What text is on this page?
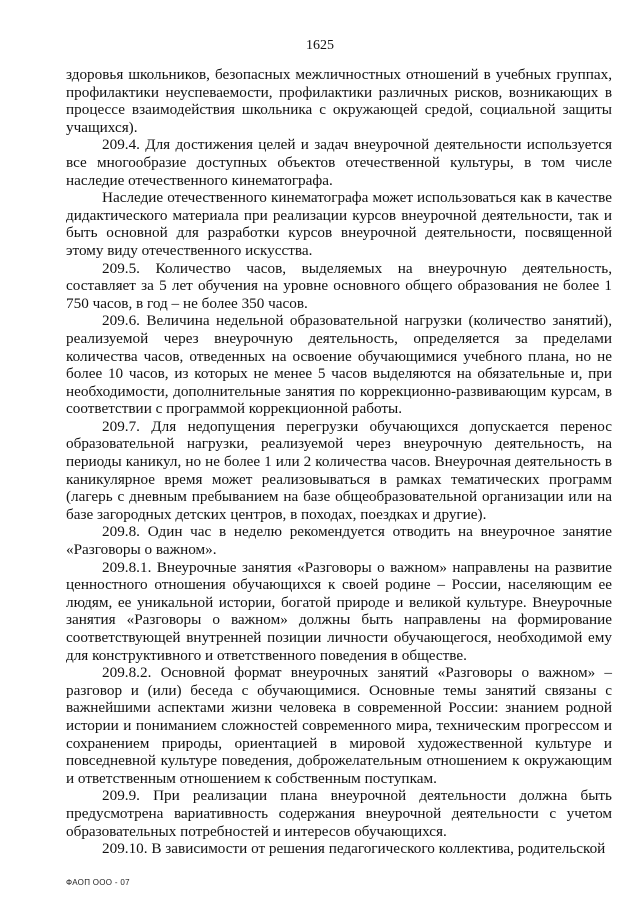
1625

здоровья школьников, безопасных межличностных отношений в учебных группах, профилактики неуспеваемости, профилактики различных рисков, возникающих в процессе взаимодействия школьника с окружающей средой, социальной защиты учащихся).

209.4. Для достижения целей и задач внеурочной деятельности используется все многообразие доступных объектов отечественной культуры, в том числе наследие отечественного кинематографа.

Наследие отечественного кинематографа может использоваться как в качестве дидактического материала при реализации курсов внеурочной деятельности, так и быть основной для разработки курсов внеурочной деятельности, посвященной этому виду отечественного искусства.

209.5. Количество часов, выделяемых на внеурочную деятельность, составляет за 5 лет обучения на уровне основного общего образования не более 1 750 часов, в год – не более 350 часов.

209.6. Величина недельной образовательной нагрузки (количество занятий), реализуемой через внеурочную деятельность, определяется за пределами количества часов, отведенных на освоение обучающимися учебного плана, но не более 10 часов, из которых не менее 5 часов выделяются на обязательные и, при необходимости, дополнительные занятия по коррекционно-развивающим курсам, в соответствии с программой коррекционной работы.

209.7. Для недопущения перегрузки обучающихся допускается перенос образовательной нагрузки, реализуемой через внеурочную деятельность, на периоды каникул, но не более 1 или 2 количества часов. Внеурочная деятельность в каникулярное время может реализовываться в рамках тематических программ (лагерь с дневным пребыванием на базе общеобразовательной организации или на базе загородных детских центров, в походах, поездках и другие).

209.8. Один час в неделю рекомендуется отводить на внеурочное занятие «Разговоры о важном».

209.8.1. Внеурочные занятия «Разговоры о важном» направлены на развитие ценностного отношения обучающихся к своей родине – России, населяющим ее людям, ее уникальной истории, богатой природе и великой культуре. Внеурочные занятия «Разговоры о важном» должны быть направлены на формирование соответствующей внутренней позиции личности обучающегося, необходимой ему для конструктивного и ответственного поведения в обществе.

209.8.2. Основной формат внеурочных занятий «Разговоры о важном» – разговор и (или) беседа с обучающимися. Основные темы занятий связаны с важнейшими аспектами жизни человека в современной России: знанием родной истории и пониманием сложностей современного мира, техническим прогрессом и сохранением природы, ориентацией в мировой художественной культуре и повседневной культуре поведения, доброжелательным отношением к окружающим и ответственным отношением к собственным поступкам.

209.9. При реализации плана внеурочной деятельности должна быть предусмотрена вариативность содержания внеурочной деятельности с учетом образовательных потребностей и интересов обучающихся.

209.10. В зависимости от решения педагогического коллектива, родительской

ФАОП ООО - 07
